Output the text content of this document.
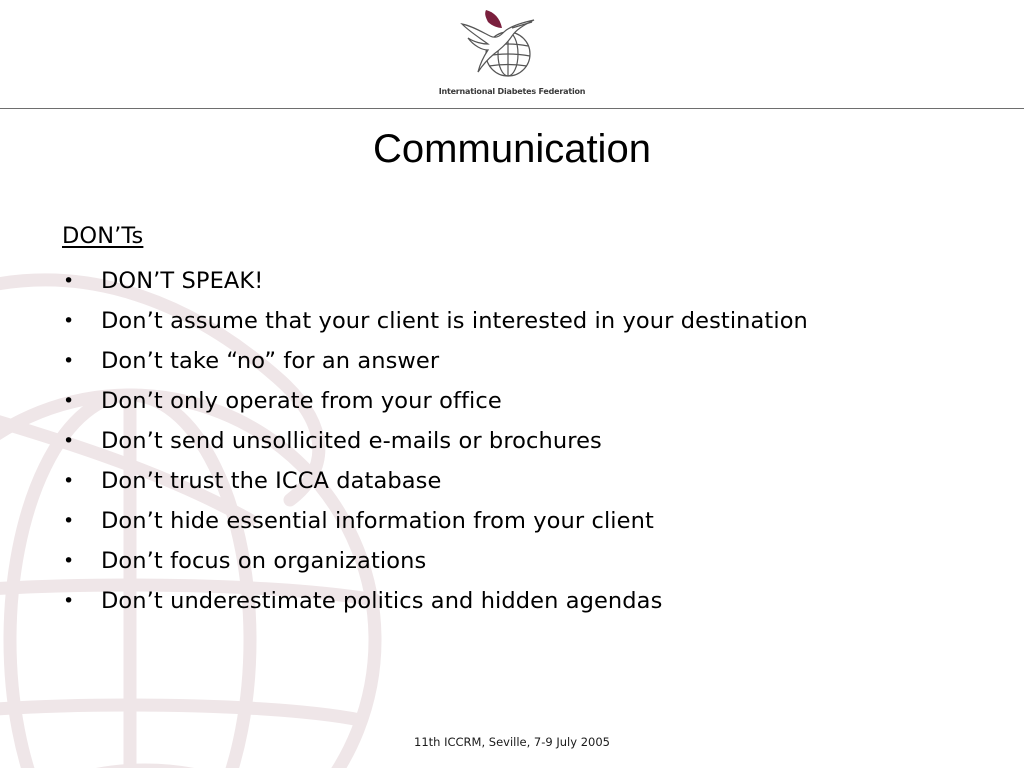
International Diabetes Federation
Communication
DON’Ts
•	DON’T SPEAK!
•	Don’t assume that your client is interested in your destination
•	Don’t take “no” for an answer
•	Don’t only operate from your office
•	Don’t send unsollicited e-mails or brochures
•	Don’t trust the ICCA database
•	Don’t hide essential information from your client
•	Don’t focus on organizations
•	Don’t underestimate politics and hidden agendas
11th ICCRM, Seville, 7-9 July 2005
